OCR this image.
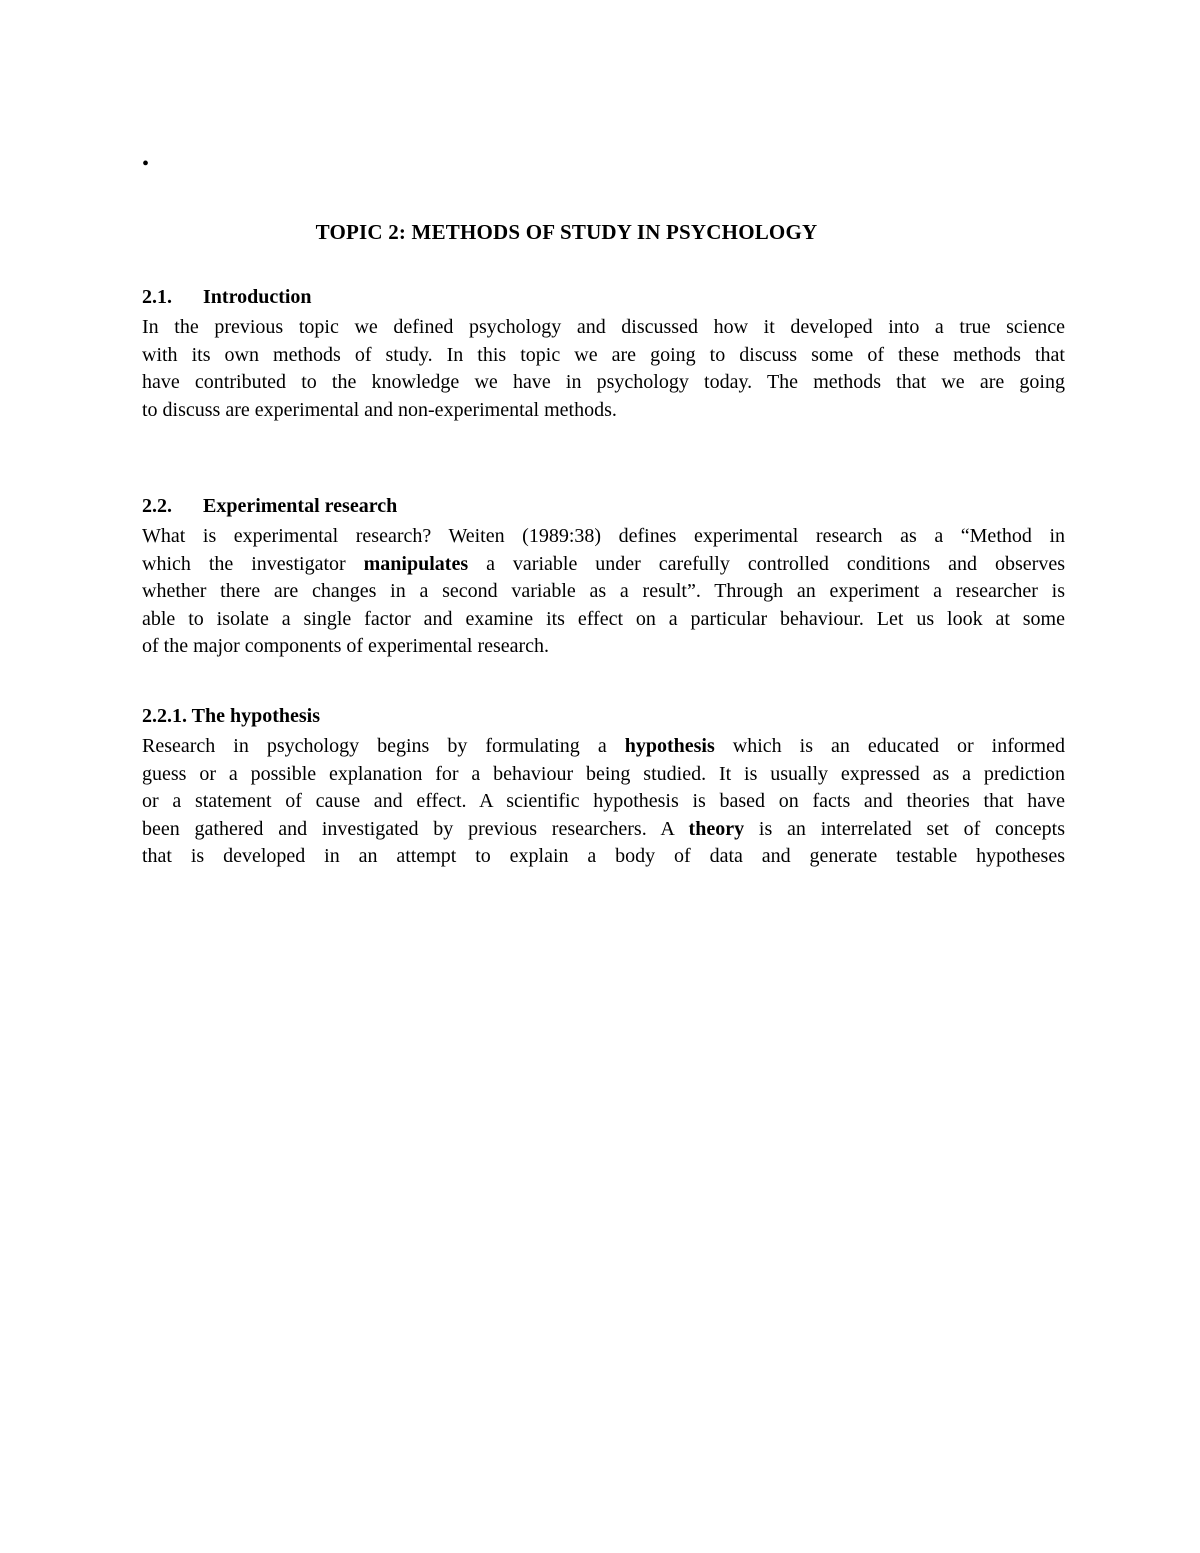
•
TOPIC 2: METHODS OF STUDY IN PSYCHOLOGY
2.1. Introduction
In the previous topic we defined psychology and discussed how it developed into a true science
with its own methods of study. In this topic we are going to discuss some of these methods that
have contributed to the knowledge we have in psychology today. The methods that we are going
to discuss are experimental and non-experimental methods.
2.2. Experimental research
What is experimental research? Weiten (1989:38) defines experimental research as a “Method in
which the investigator manipulates a variable under carefully controlled conditions and observes
whether there are changes in a second variable as a result”. Through an experiment a researcher is
able to isolate a single factor and examine its effect on a particular behaviour. Let us look at some
of the major components of experimental research.
2.2.1. The hypothesis
Research in psychology begins by formulating a hypothesis which is an educated or informed
guess or a possible explanation for a behaviour being studied. It is usually expressed as a prediction
or a statement of cause and effect. A scientific hypothesis is based on facts and theories that have
been gathered and investigated by previous researchers. A theory is an interrelated set of concepts
that is developed in an attempt to explain a body of data and generate testable hypotheses
